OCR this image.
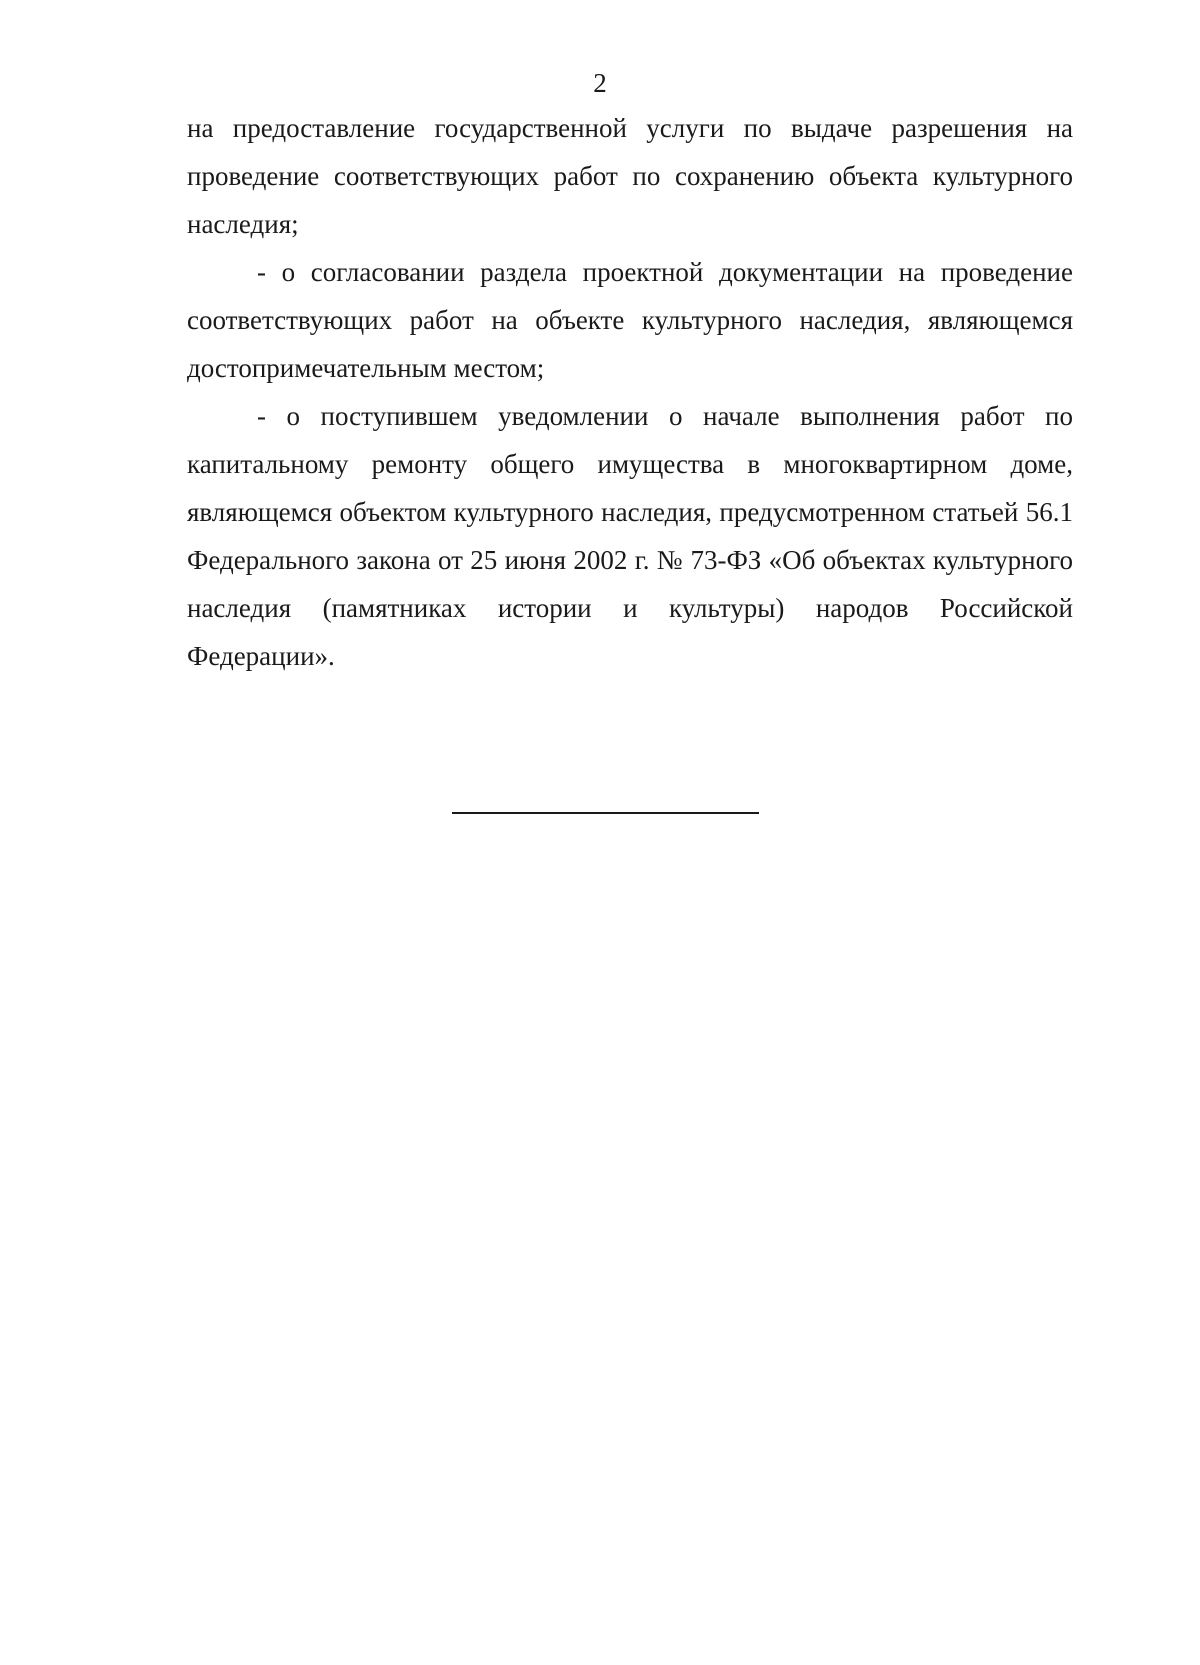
2

на предоставление государственной услуги по выдаче разрешения на проведение соответствующих работ по сохранению объекта культурного наследия;

- о согласовании раздела проектной документации на проведение соответствующих работ на объекте культурного наследия, являющемся достопримечательным местом;

- о поступившем уведомлении о начале выполнения работ по капитальному ремонту общего имущества в многоквартирном доме, являющемся объектом культурного наследия, предусмотренном статьей 56.1 Федерального закона от 25 июня 2002 г. № 73-ФЗ «Об объектах культурного наследия (памятниках истории и культуры) народов Российской Федерации».
